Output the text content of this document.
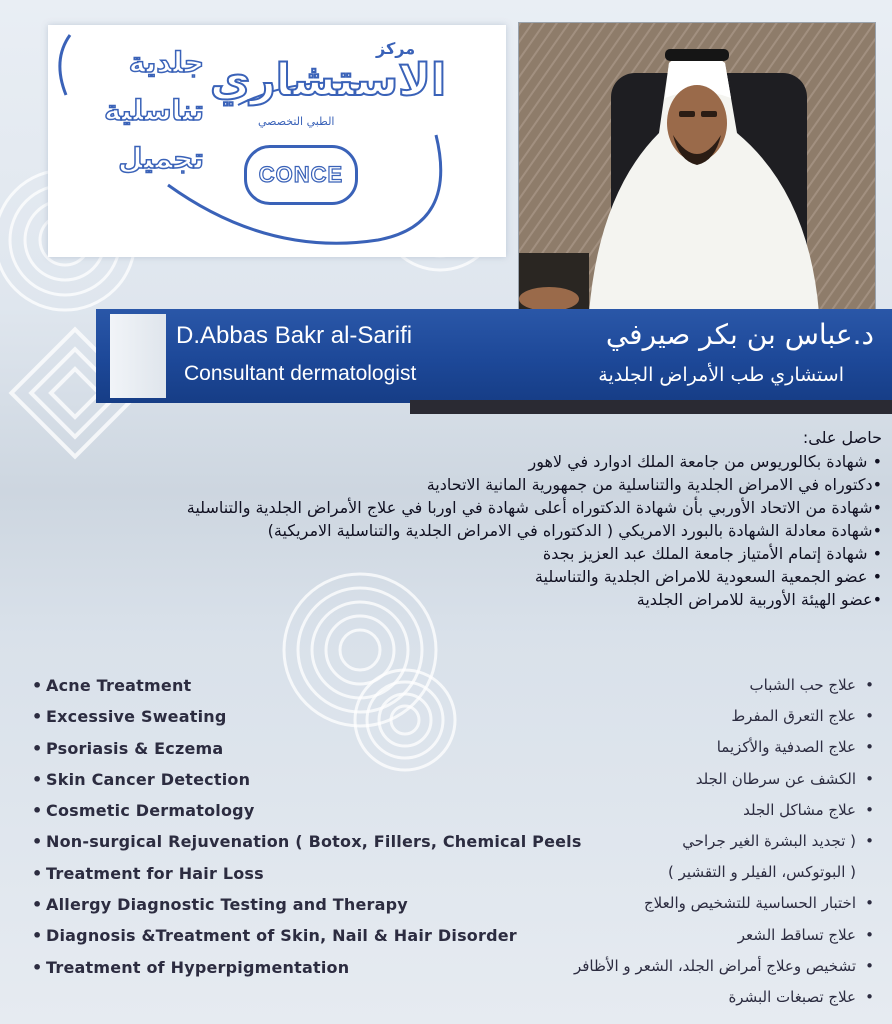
جلدية
تناسلية
تجميل
مركز
الاستشاري
الطبي التخصصي
CONCE
D.Abbas Bakr al-Sarifi
Consultant dermatologist
د.عباس بن بكر صيرفي
استشاري طب الأمراض الجلدية
حاصل على:
• شهادة بكالوريوس من جامعة الملك ادوارد في لاهور
•دكتوراه في الامراض الجلدية والتناسلية من جمهورية المانية الاتحادية
•شهادة من الاتحاد الأوربي بأن شهادة الدكتوراه أعلى شهادة في اوربا في علاج الأمراض الجلدية والتناسلية
•شهادة معادلة الشهادة بالبورد الامريكي ( الدكتوراه في الامراض الجلدية والتناسلية الامريكية)
• شهادة إتمام الأمتياز جامعة الملك عبد العزيز بجدة
• عضو الجمعية السعودية للامراض الجلدية والتناسلية
•عضو الهيئة الأوربية للامراض الجلدية
• Acne Treatment
• Excessive Sweating
• Psoriasis & Eczema
• Skin Cancer Detection
• Cosmetic Dermatology
• Non-surgical Rejuvenation ( Botox, Fillers, Chemical Peels
• Treatment for Hair Loss
• Allergy Diagnostic Testing and Therapy
• Diagnosis &Treatment of Skin, Nail & Hair Disorder
• Treatment of Hyperpigmentation
•علاج حب الشباب
•علاج التعرق المفرط
•علاج الصدفية والأكزيما
•الكشف عن سرطان الجلد
•علاج مشاكل الجلد
•( تجديد البشرة الغير جراحي
( البوتوكس، الفيلر و التقشير )
•اختبار الحساسية للتشخيص والعلاج
•علاج تساقط الشعر
•تشخيص وعلاج أمراض الجلد، الشعر و الأظافر
•علاج تصبغات البشرة
